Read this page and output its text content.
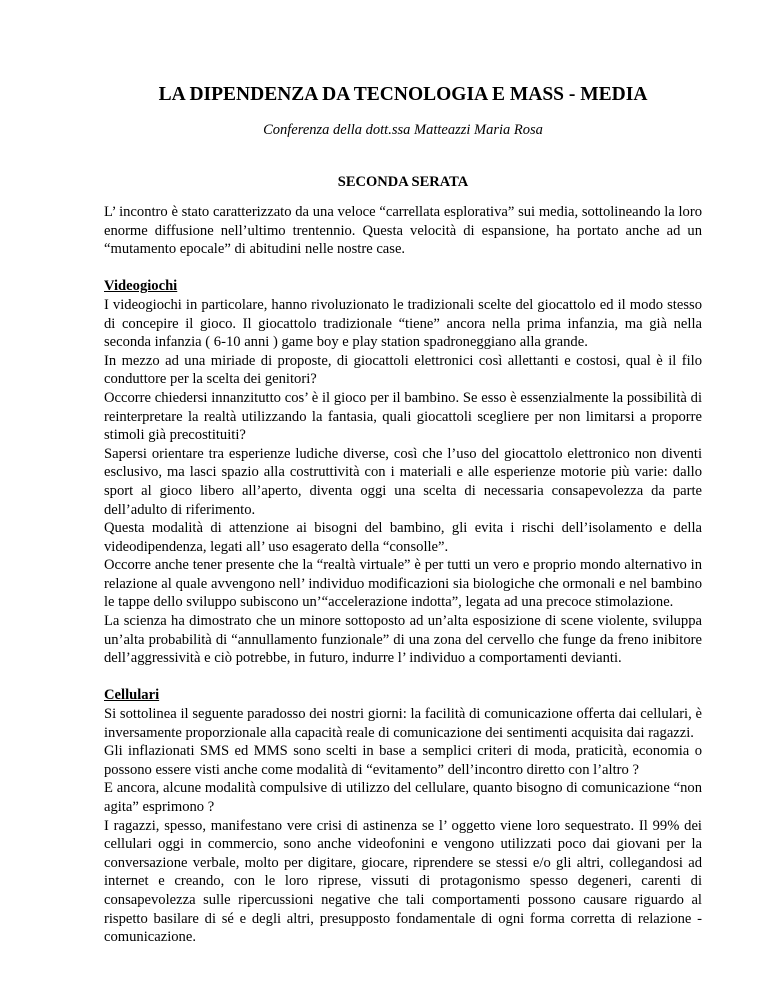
LA DIPENDENZA DA TECNOLOGIA E MASS - MEDIA

Conferenza della dott.ssa Matteazzi Maria Rosa

SECONDA SERATA

L’ incontro è stato caratterizzato da una veloce “carrellata esplorativa” sui media, sottolineando la loro enorme diffusione nell’ultimo trentennio. Questa velocità di espansione, ha portato anche ad un “mutamento epocale” di abitudini nelle nostre case.

Videogiochi

I videogiochi in particolare, hanno rivoluzionato le tradizionali scelte del giocattolo ed il modo stesso di concepire il gioco. Il giocattolo tradizionale “tiene” ancora nella prima infanzia, ma già nella seconda infanzia ( 6-10 anni ) game boy e play station spadroneggiano alla grande.

In mezzo ad una miriade di proposte, di giocattoli elettronici così allettanti e costosi, qual è il filo conduttore per la scelta dei genitori?

Occorre chiedersi innanzitutto cos’ è il gioco per il bambino. Se esso è essenzialmente la possibilità di reinterpretare la realtà utilizzando la fantasia, quali giocattoli scegliere per non limitarsi a proporre stimoli già precostituiti?

Sapersi orientare tra esperienze ludiche diverse, così che l’uso del giocattolo elettronico non diventi esclusivo, ma lasci spazio alla costruttività con i materiali e alle esperienze motorie più varie: dallo sport al gioco libero all’aperto, diventa oggi una scelta di necessaria consapevolezza da parte dell’adulto di riferimento.

Questa modalità di attenzione ai bisogni del bambino, gli evita i rischi dell’isolamento e della videodipendenza, legati all’ uso esagerato della “consolle”.

Occorre anche tener presente che la “realtà virtuale” è per tutti un vero e proprio mondo alternativo in relazione al quale avvengono nell’ individuo modificazioni sia biologiche che ormonali e nel bambino le tappe dello sviluppo subiscono un’“accelerazione indotta”, legata ad una precoce stimolazione.

La scienza ha dimostrato che un minore sottoposto ad un’alta esposizione di scene violente, sviluppa un’alta probabilità di “annullamento funzionale” di una zona del cervello che funge da freno inibitore dell’aggressività e ciò potrebbe, in futuro, indurre l’ individuo a comportamenti devianti.

Cellulari

Si sottolinea il seguente paradosso dei nostri giorni: la facilità di comunicazione offerta dai cellulari, è inversamente proporzionale alla capacità reale di comunicazione dei sentimenti acquisita dai ragazzi.

Gli inflazionati SMS ed MMS sono scelti in base a semplici criteri di moda, praticità, economia o possono essere visti anche come modalità di “evitamento” dell’incontro diretto con l’altro ?

E ancora, alcune modalità compulsive di utilizzo del cellulare, quanto bisogno di comunicazione “non agita” esprimono ?

I ragazzi, spesso, manifestano vere crisi di astinenza se l’ oggetto viene loro sequestrato. Il 99% dei cellulari oggi in commercio, sono anche videofonini e vengono utilizzati poco dai giovani per la conversazione verbale, molto per digitare, giocare, riprendere se stessi e/o gli altri, collegandosi ad internet e creando, con le loro riprese, vissuti di protagonismo spesso degeneri, carenti di consapevolezza sulle ripercussioni negative che tali comportamenti possono causare riguardo al rispetto basilare di sé e degli altri, presupposto fondamentale di ogni forma corretta di relazione - comunicazione.
